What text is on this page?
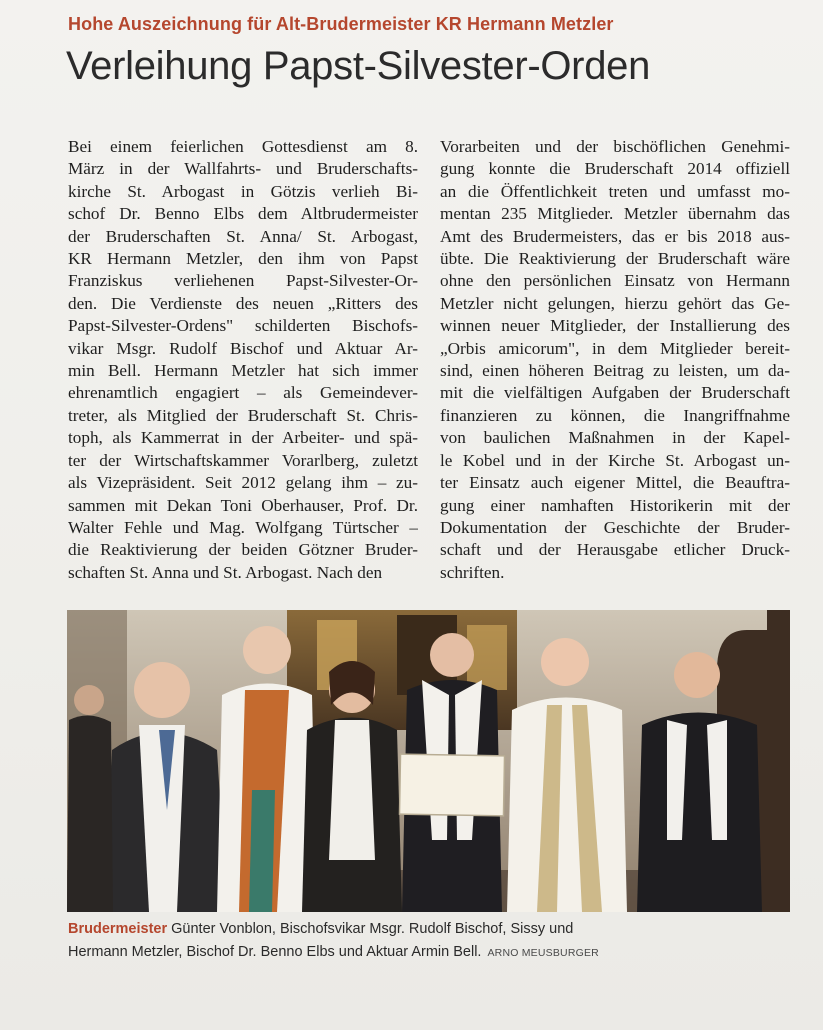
Hohe Auszeichnung für Alt-Brudermeister KR Hermann Metzler
Verleihung Papst-Silvester-Orden
Bei einem feierlichen Gottesdienst am 8.
März in der Wallfahrts- und Bruderschafts-
kirche St. Arbogast in Götzis verlieh Bi-
schof Dr. Benno Elbs dem Altbrudermeister
der Bruderschaften St. Anna/ St. Arbogast,
KR Hermann Metzler, den ihm von Papst
Franziskus verliehenen Papst-Silvester-Or-
den. Die Verdienste des neuen „Ritters des
Papst-Silvester-Ordens" schilderten Bischofs-
vikar Msgr. Rudolf Bischof und Aktuar Ar-
min Bell. Hermann Metzler hat sich immer
ehrenamtlich engagiert – als Gemeindever-
treter, als Mitglied der Bruderschaft St. Chris-
toph, als Kammerrat in der Arbeiter- und spä-
ter der Wirtschaftskammer Vorarlberg, zuletzt
als Vizepräsident. Seit 2012 gelang ihm – zu-
sammen mit Dekan Toni Oberhauser, Prof. Dr.
Walter Fehle und Mag. Wolfgang Türtscher –
die Reaktivierung der beiden Götzner Bruder-
schaften St. Anna und St. Arbogast. Nach den
Vorarbeiten und der bischöflichen Genehmi-
gung konnte die Bruderschaft 2014 offiziell
an die Öffentlichkeit treten und umfasst mo-
mentan 235 Mitglieder. Metzler übernahm das
Amt des Brudermeisters, das er bis 2018 aus-
übte. Die Reaktivierung der Bruderschaft wäre
ohne den persönlichen Einsatz von Hermann
Metzler nicht gelungen, hierzu gehört das Ge-
winnen neuer Mitglieder, der Installierung des
„Orbis amicorum", in dem Mitglieder bereit-
sind, einen höheren Beitrag zu leisten, um da-
mit die vielfältigen Aufgaben der Bruderschaft
finanzieren zu können, die Inangriffnahme
von baulichen Maßnahmen in der Kapel-
le Kobel und in der Kirche St. Arbogast un-
ter Einsatz auch eigener Mittel, die Beauftra-
gung einer namhaften Historikerin mit der
Dokumentation der Geschichte der Bruder-
schaft und der Herausgabe etlicher Druck-
schriften.
Brudermeister Günter Vonblon, Bischofsvikar Msgr. Rudolf Bischof, Sissy und
Hermann Metzler, Bischof Dr. Benno Elbs und Aktuar Armin Bell. ARNO MEUSBURGER
